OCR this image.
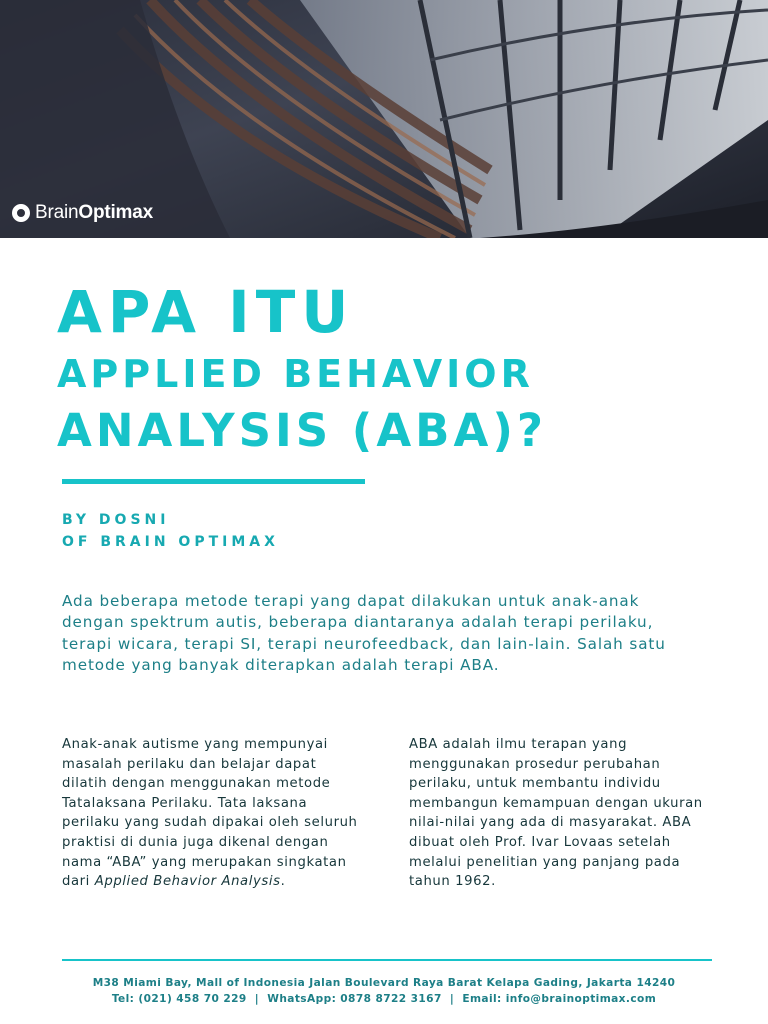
Brain Optimax
APA ITU
APPLIED BEHAVIOR
ANALYSIS (ABA)?
BY DOSNI
OF BRAIN OPTIMAX

Ada beberapa metode terapi yang dapat dilakukan untuk anak-anak dengan spektrum autis, beberapa diantaranya adalah terapi perilaku, terapi wicara, terapi SI, terapi neurofeedback, dan lain-lain. Salah satu metode yang banyak diterapkan adalah terapi ABA.

Anak-anak autisme yang mempunyai masalah perilaku dan belajar dapat dilatih dengan menggunakan metode Tatalaksana Perilaku. Tata laksana perilaku yang sudah dipakai oleh seluruh praktisi di dunia juga dikenal dengan nama “ABA” yang merupakan singkatan dari Applied Behavior Analysis.

ABA adalah ilmu terapan yang menggunakan prosedur perubahan perilaku, untuk membantu individu membangun kemampuan dengan ukuran nilai-nilai yang ada di masyarakat. ABA dibuat oleh Prof. Ivar Lovaas setelah melalui penelitian yang panjang pada tahun 1962.

M38 Miami Bay, Mall of Indonesia Jalan Boulevard Raya Barat Kelapa Gading, Jakarta 14240
Tel: (021) 458 70 229  |  WhatsApp: 0878 8722 3167  |  Email: info@brainoptimax.com
